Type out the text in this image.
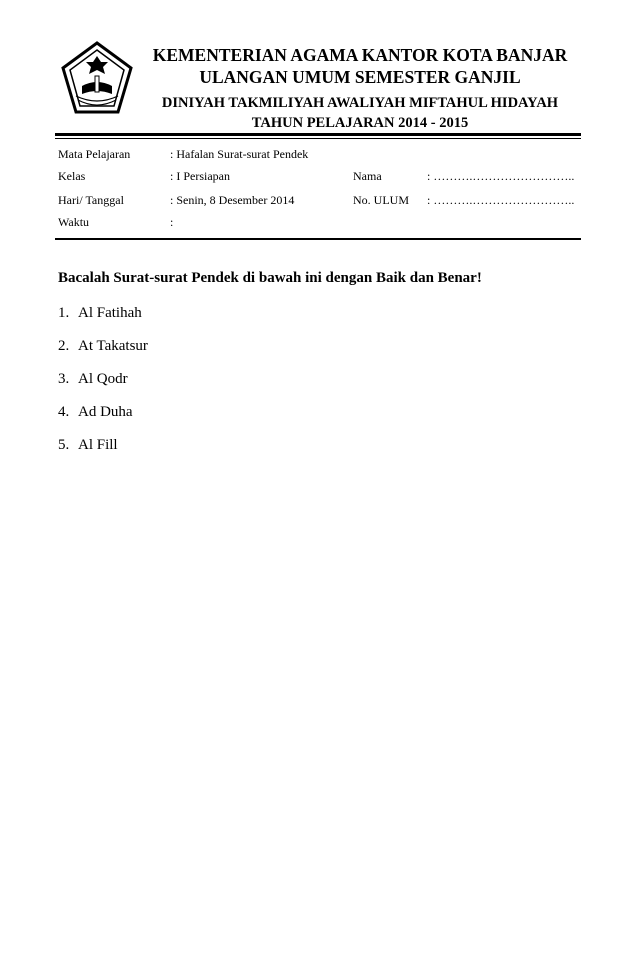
KEMENTERIAN AGAMA KANTOR KOTA BANJAR
ULANGAN UMUM SEMESTER GANJIL
DINIYAH TAKMILIYAH AWALIYAH MIFTAHUL HIDAYAH
TAHUN PELAJARAN 2014 - 2015
Mata Pelajaran	: Hafalan Surat-surat Pendek
Kelas	: I Persiapan	Nama	: ……….……………………..
Hari/ Tanggal	: Senin, 8 Desember 2014	No. ULUM : ……….……………………..
Waktu	:
Bacalah Surat-surat Pendek di bawah ini dengan Baik dan Benar!
1. Al Fatihah
2. At Takatsur
3. Al Qodr
4. Ad Duha
5. Al Fill
